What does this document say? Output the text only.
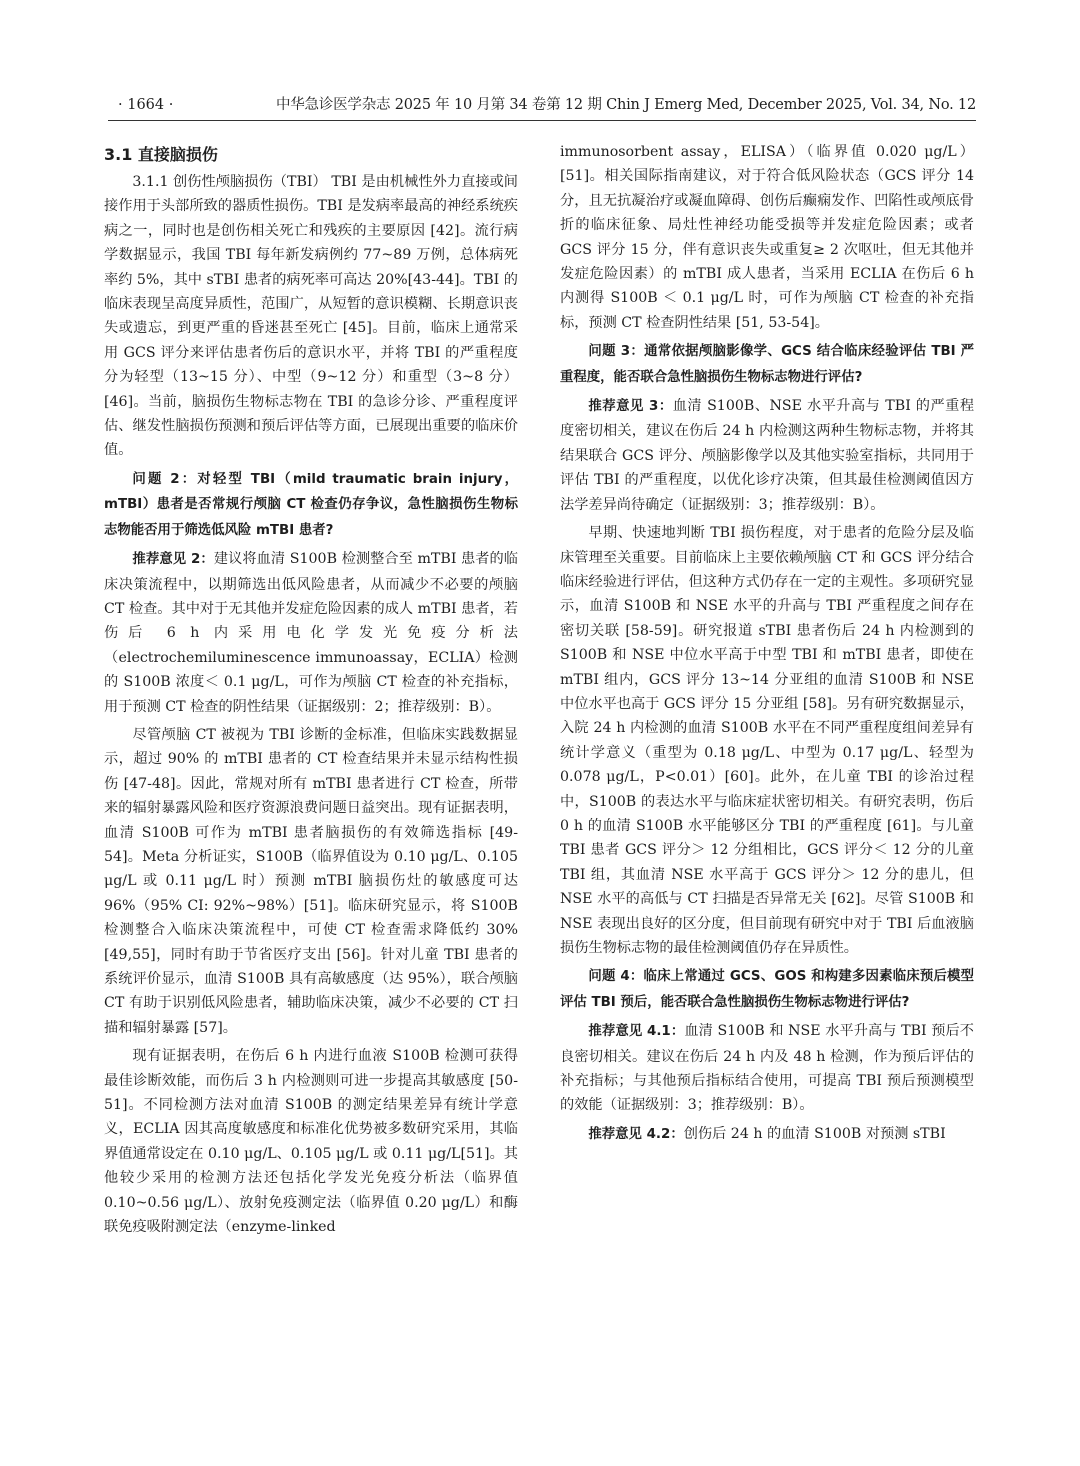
· 1664 ·	中华急诊医学杂志 2025 年 10 月第 34 卷第 12 期 Chin J Emerg Med, December 2025, Vol. 34, No. 12

3.1 直接脑损伤

3.1.1 创伤性颅脑损伤（TBI） TBI 是由机械性外力直接或间接作用于头部所致的器质性损伤。TBI 是发病率最高的神经系统疾病之一，同时也是创伤相关死亡和残疾的主要原因 [42]。流行病学数据显示，我国 TBI 每年新发病例约 77~89 万例，总体病死率约 5%，其中 sTBI 患者的病死率可高达 20%[43-44]。TBI 的临床表现呈高度异质性，范围广，从短暂的意识模糊、长期意识丧失或遗忘，到更严重的昏迷甚至死亡 [45]。目前，临床上通常采用 GCS 评分来评估患者伤后的意识水平，并将 TBI 的严重程度分为轻型（13~15 分）、中型（9~12 分）和重型（3~8 分）[46]。当前，脑损伤生物标志物在 TBI 的急诊分诊、严重程度评估、继发性脑损伤预测和预后评估等方面，已展现出重要的临床价值。

问题 2：对轻型 TBI（mild traumatic brain injury，mTBI）患者是否常规行颅脑 CT 检查仍存争议，急性脑损伤生物标志物能否用于筛选低风险 mTBI 患者?

推荐意见 2：建议将血清 S100B 检测整合至 mTBI 患者的临床决策流程中，以期筛选出低风险患者，从而减少不必要的颅脑 CT 检查。其中对于无其他并发症危险因素的成人 mTBI 患者，若伤后 6 h 内采用电化学发光免疫分析法（electrochemiluminescence immunoassay，ECLIA）检测的 S100B 浓度＜ 0.1 μg/L，可作为颅脑 CT 检查的补充指标，用于预测 CT 检查的阴性结果（证据级别：2；推荐级别：B）。

尽管颅脑 CT 被视为 TBI 诊断的金标准，但临床实践数据显示，超过 90% 的 mTBI 患者的 CT 检查结果并未显示结构性损伤 [47-48]。因此，常规对所有 mTBI 患者进行 CT 检查，所带来的辐射暴露风险和医疗资源浪费问题日益突出。现有证据表明，血清 S100B 可作为 mTBI 患者脑损伤的有效筛选指标 [49-54]。Meta 分析证实，S100B（临界值设为 0.10 μg/L、0.105 μg/L 或 0.11 μg/L 时）预测 mTBI 脑损伤灶的敏感度可达 96%（95% CI: 92%~98%）[51]。临床研究显示，将 S100B 检测整合入临床决策流程中，可使 CT 检查需求降低约 30%[49,55]，同时有助于节省医疗支出 [56]。针对儿童 TBI 患者的系统评价显示，血清 S100B 具有高敏感度（达 95%），联合颅脑 CT 有助于识别低风险患者，辅助临床决策，减少不必要的 CT 扫描和辐射暴露 [57]。

现有证据表明，在伤后 6 h 内进行血液 S100B 检测可获得最佳诊断效能，而伤后 3 h 内检测则可进一步提高其敏感度 [50-51]。不同检测方法对血清 S100B 的测定结果差异有统计学意义，ECLIA 因其高度敏感度和标准化优势被多数研究采用，其临界值通常设定在 0.10 μg/L、0.105 μg/L 或 0.11 μg/L[51]。其他较少采用的检测方法还包括化学发光免疫分析法（临界值 0.10~0.56 μg/L）、放射免疫测定法（临界值 0.20 μg/L）和酶联免疫吸附测定法（enzyme-linked

immunosorbent assay，ELISA）（临界值 0.020 μg/L）[51]。相关国际指南建议，对于符合低风险状态（GCS 评分 14 分，且无抗凝治疗或凝血障碍、创伤后癫痫发作、凹陷性或颅底骨折的临床征象、局灶性神经功能受损等并发症危险因素；或者 GCS 评分 15 分，伴有意识丧失或重复≥ 2 次呕吐，但无其他并发症危险因素）的 mTBI 成人患者，当采用 ECLIA 在伤后 6 h 内测得 S100B ＜ 0.1 μg/L 时，可作为颅脑 CT 检查的补充指标，预测 CT 检查阴性结果 [51, 53-54]。

问题 3：通常依据颅脑影像学、GCS 结合临床经验评估 TBI 严重程度，能否联合急性脑损伤生物标志物进行评估?

推荐意见 3：血清 S100B、NSE 水平升高与 TBI 的严重程度密切相关，建议在伤后 24 h 内检测这两种生物标志物，并将其结果联合 GCS 评分、颅脑影像学以及其他实验室指标，共同用于评估 TBI 的严重程度，以优化诊疗决策，但其最佳检测阈值因方法学差异尚待确定（证据级别：3；推荐级别：B）。

早期、快速地判断 TBI 损伤程度，对于患者的危险分层及临床管理至关重要。目前临床上主要依赖颅脑 CT 和 GCS 评分结合临床经验进行评估，但这种方式仍存在一定的主观性。多项研究显示，血清 S100B 和 NSE 水平的升高与 TBI 严重程度之间存在密切关联 [58-59]。研究报道 sTBI 患者伤后 24 h 内检测到的 S100B 和 NSE 中位水平高于中型 TBI 和 mTBI 患者，即使在 mTBI 组内，GCS 评分 13~14 分亚组的血清 S100B 和 NSE 中位水平也高于 GCS 评分 15 分亚组 [58]。另有研究数据显示，入院 24 h 内检测的血清 S100B 水平在不同严重程度组间差异有统计学意义（重型为 0.18 μg/L、中型为 0.17 μg/L、轻型为 0.078 μg/L，P<0.01）[60]。此外，在儿童 TBI 的诊治过程中，S100B 的表达水平与临床症状密切相关。有研究表明，伤后 0 h 的血清 S100B 水平能够区分 TBI 的严重程度 [61]。与儿童 TBI 患者 GCS 评分＞ 12 分组相比，GCS 评分＜ 12 分的儿童 TBI 组，其血清 NSE 水平高于 GCS 评分＞ 12 分的患儿，但 NSE 水平的高低与 CT 扫描是否异常无关 [62]。尽管 S100B 和 NSE 表现出良好的区分度，但目前现有研究中对于 TBI 后血液脑损伤生物标志物的最佳检测阈值仍存在异质性。

问题 4：临床上常通过 GCS、GOS 和构建多因素临床预后模型评估 TBI 预后，能否联合急性脑损伤生物标志物进行评估?

推荐意见 4.1：血清 S100B 和 NSE 水平升高与 TBI 预后不良密切相关。建议在伤后 24 h 内及 48 h 检测，作为预后评估的补充指标；与其他预后指标结合使用，可提高 TBI 预后预测模型的效能（证据级别：3；推荐级别：B）。

推荐意见 4.2：创伤后 24 h 的血清 S100B 对预测 sTBI
